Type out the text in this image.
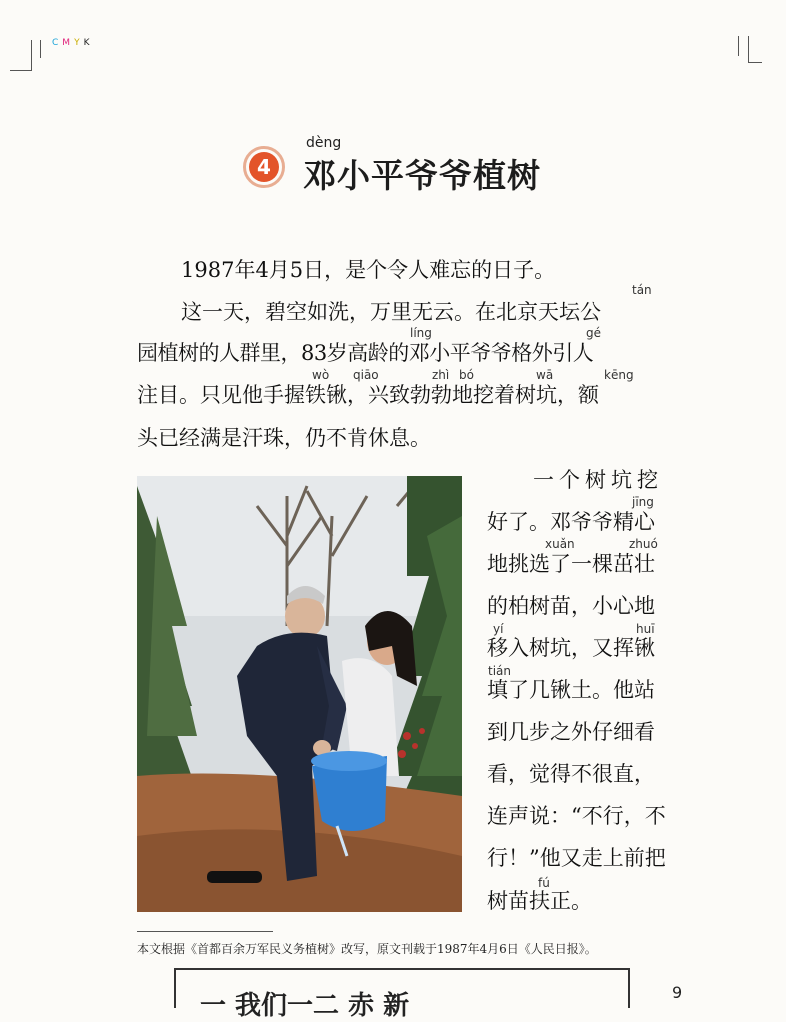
C M Y K
4
dèng
邓小平爷爷植树
tán
líng	gé
wò qiāo	zhì bó	wā	kēng
jīng
xuǎn	zhuó
yí	huī
tián
fú
1987年4月5日，是个令人难忘的日子。
这一天，碧空如洗，万里无云。在北京天坛公
园植树的人群里，83岁高龄的邓小平爷爷格外引人
注目。只见他手握铁锹，兴致勃勃地挖着树坑，额
头已经满是汗珠，仍不肯休息。
一个树坑挖
好了。邓爷爷精心
地挑选了一棵茁壮
的柏树苗，小心地
移入树坑，又挥锹
填了几锹土。他站
到几步之外仔细看
看，觉得不很直，
连声说：“不行，不
行！”他又走上前把
树苗扶正。
本文根据《首都百余万军民义务植树》改写，原文刊载于1987年4月6日《人民日报》。
一 我们一二 赤 新	9
